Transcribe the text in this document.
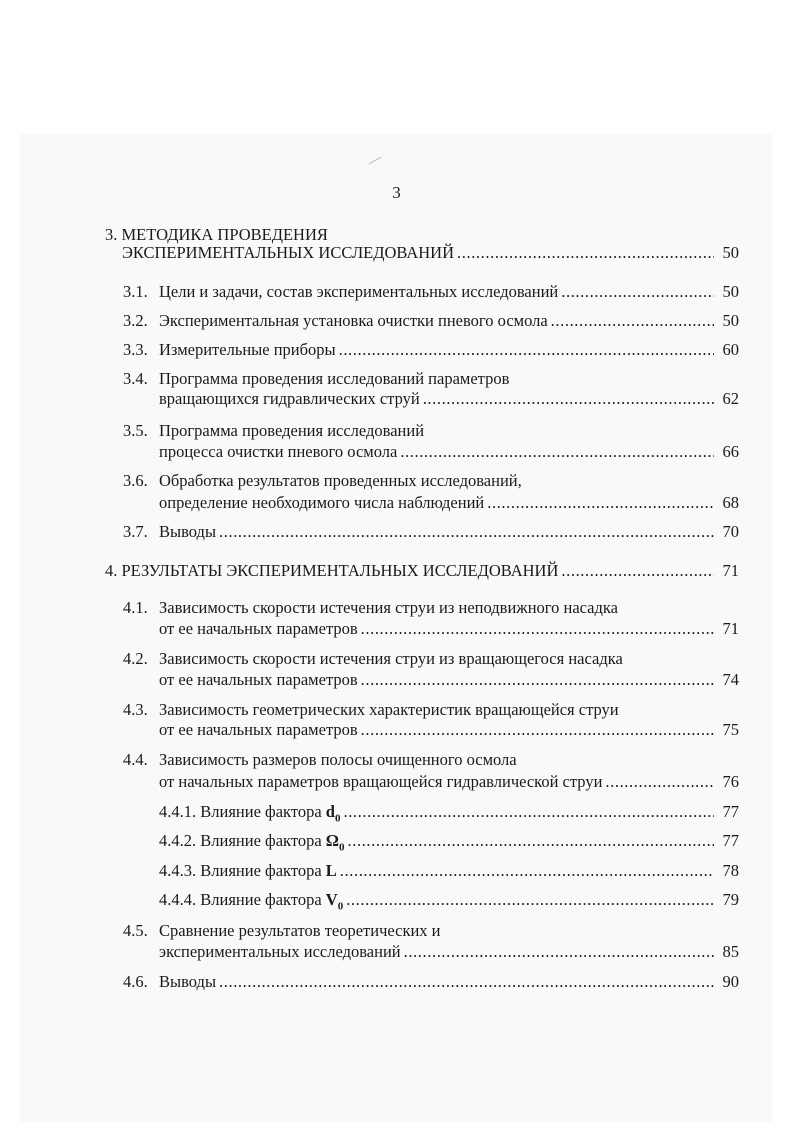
3
3. МЕТОДИКА ПРОВЕДЕНИЯ
ЭКСПЕРИМЕНТАЛЬНЫХ ИССЛЕДОВАНИЙ .....	50
3.1. Цели и задачи, состав экспериментальных исследований .....	50
3.2. Экспериментальная установка очистки пневого осмола .....	50
3.3. Измерительные приборы .....	60
3.4. Программа проведения исследований параметров
вращающихся гидравлических струй .....	62
3.5. Программа проведения исследований
процесса очистки пневого осмола .....	66
3.6. Обработка результатов проведенных исследований,
определение необходимого числа наблюдений .....	68
3.7. Выводы .....	70
4. РЕЗУЛЬТАТЫ ЭКСПЕРИМЕНТАЛЬНЫХ ИССЛЕДОВАНИЙ .....	71
4.1. Зависимость скорости истечения струи из неподвижного насадка
от ее начальных параметров .....	71
4.2. Зависимость скорости истечения струи из вращающегося насадка
от ее начальных параметров .....	74
4.3. Зависимость геометрических характеристик вращающейся струи
от ее начальных параметров .....	75
4.4. Зависимость размеров полосы очищенного осмола
от начальных параметров вращающейся гидравлической струи .....	76
4.4.1. Влияние фактора
$d_0$ .....	77
4.4.2. Влияние фактора
$\Omega_0$ .....	77
4.4.3. Влияние фактора
L .....	78
4.4.4. Влияние фактора
$V_0$ .....	79
4.5. Сравнение результатов теоретических и
экспериментальных исследований .....	85
4.6. Выводы .....	90
